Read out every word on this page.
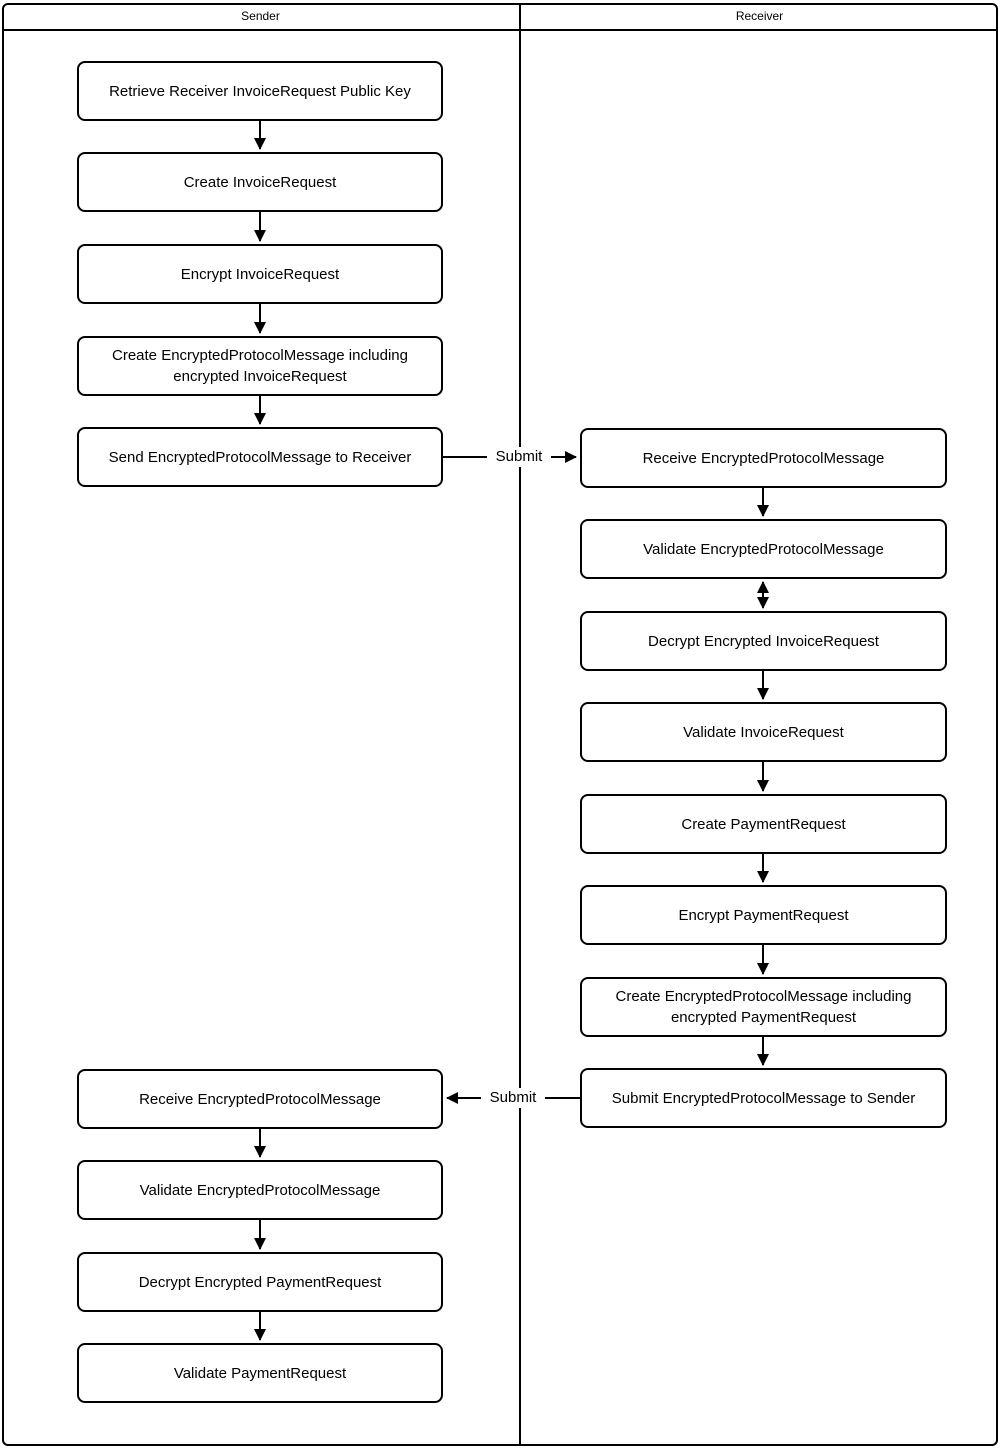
Sender	Receiver
Retrieve Receiver InvoiceRequest Public Key
Create InvoiceRequest
Encrypt InvoiceRequest
Create EncryptedProtocolMessage including encrypted InvoiceRequest
Send EncryptedProtocolMessage to Receiver
Receive EncryptedProtocolMessage
Validate EncryptedProtocolMessage
Decrypt Encrypted PaymentRequest
Validate PaymentRequest
Receive EncryptedProtocolMessage
Validate EncryptedProtocolMessage
Decrypt Encrypted InvoiceRequest
Validate InvoiceRequest
Create PaymentRequest
Encrypt PaymentRequest
Create EncryptedProtocolMessage including encrypted PaymentRequest
Submit EncryptedProtocolMessage to Sender
Submit
Submit
